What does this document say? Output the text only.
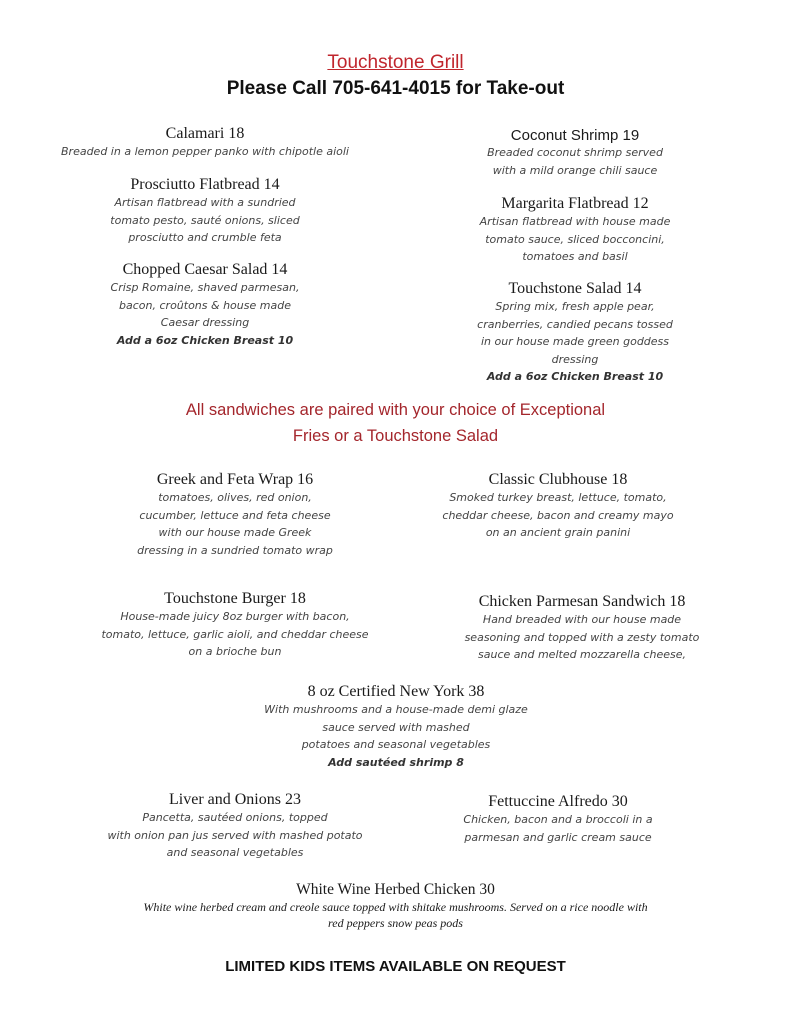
Touchstone Grill
Please Call 705-641-4015 for Take-out
Calamari 18
Breaded in a lemon pepper panko with chipotle aioli
Prosciutto Flatbread 14
Artisan flatbread with a sundried
tomato pesto, sauté onions, sliced
prosciutto and crumble feta
Chopped Caesar Salad 14
Crisp Romaine, shaved parmesan,
bacon, croûtons & house made
Caesar dressing
Add a 6oz Chicken Breast 10
Coconut Shrimp 19
Breaded coconut shrimp served
with a mild orange chili sauce
Margarita Flatbread 12
Artisan flatbread with house made
tomato sauce, sliced bocconcini,
tomatoes and basil
Touchstone Salad 14
Spring mix, fresh apple pear,
cranberries, candied pecans tossed
in our house made green goddess
dressing
Add a 6oz Chicken Breast 10
All sandwiches are paired with your choice of Exceptional
Fries or a Touchstone Salad
Greek and Feta Wrap 16
tomatoes, olives, red onion,
cucumber, lettuce and feta cheese
with our house made Greek
dressing in a sundried tomato wrap
Classic Clubhouse 18
Smoked turkey breast, lettuce, tomato,
cheddar cheese, bacon and creamy mayo
on an ancient grain panini
Touchstone Burger 18
House-made juicy 8oz burger with bacon,
tomato, lettuce, garlic aioli, and cheddar cheese
on a brioche bun
Chicken Parmesan Sandwich 18
Hand breaded with our house made
seasoning and topped with a zesty tomato
sauce and melted mozzarella cheese,
8 oz Certified New York 38
With mushrooms and a house-made demi glaze
sauce served with mashed
potatoes and seasonal vegetables
Add sautéed shrimp 8
Liver and Onions 23
Pancetta, sautéed onions, topped
with onion pan jus served with mashed potato
and seasonal vegetables
Fettuccine Alfredo 30
Chicken, bacon and a broccoli in a
parmesan and garlic cream sauce
White Wine Herbed Chicken 30
White wine herbed cream and creole sauce topped with shitake mushrooms. Served on a rice noodle with
red peppers snow peas pods
LIMITED KIDS ITEMS AVAILABLE ON REQUEST
